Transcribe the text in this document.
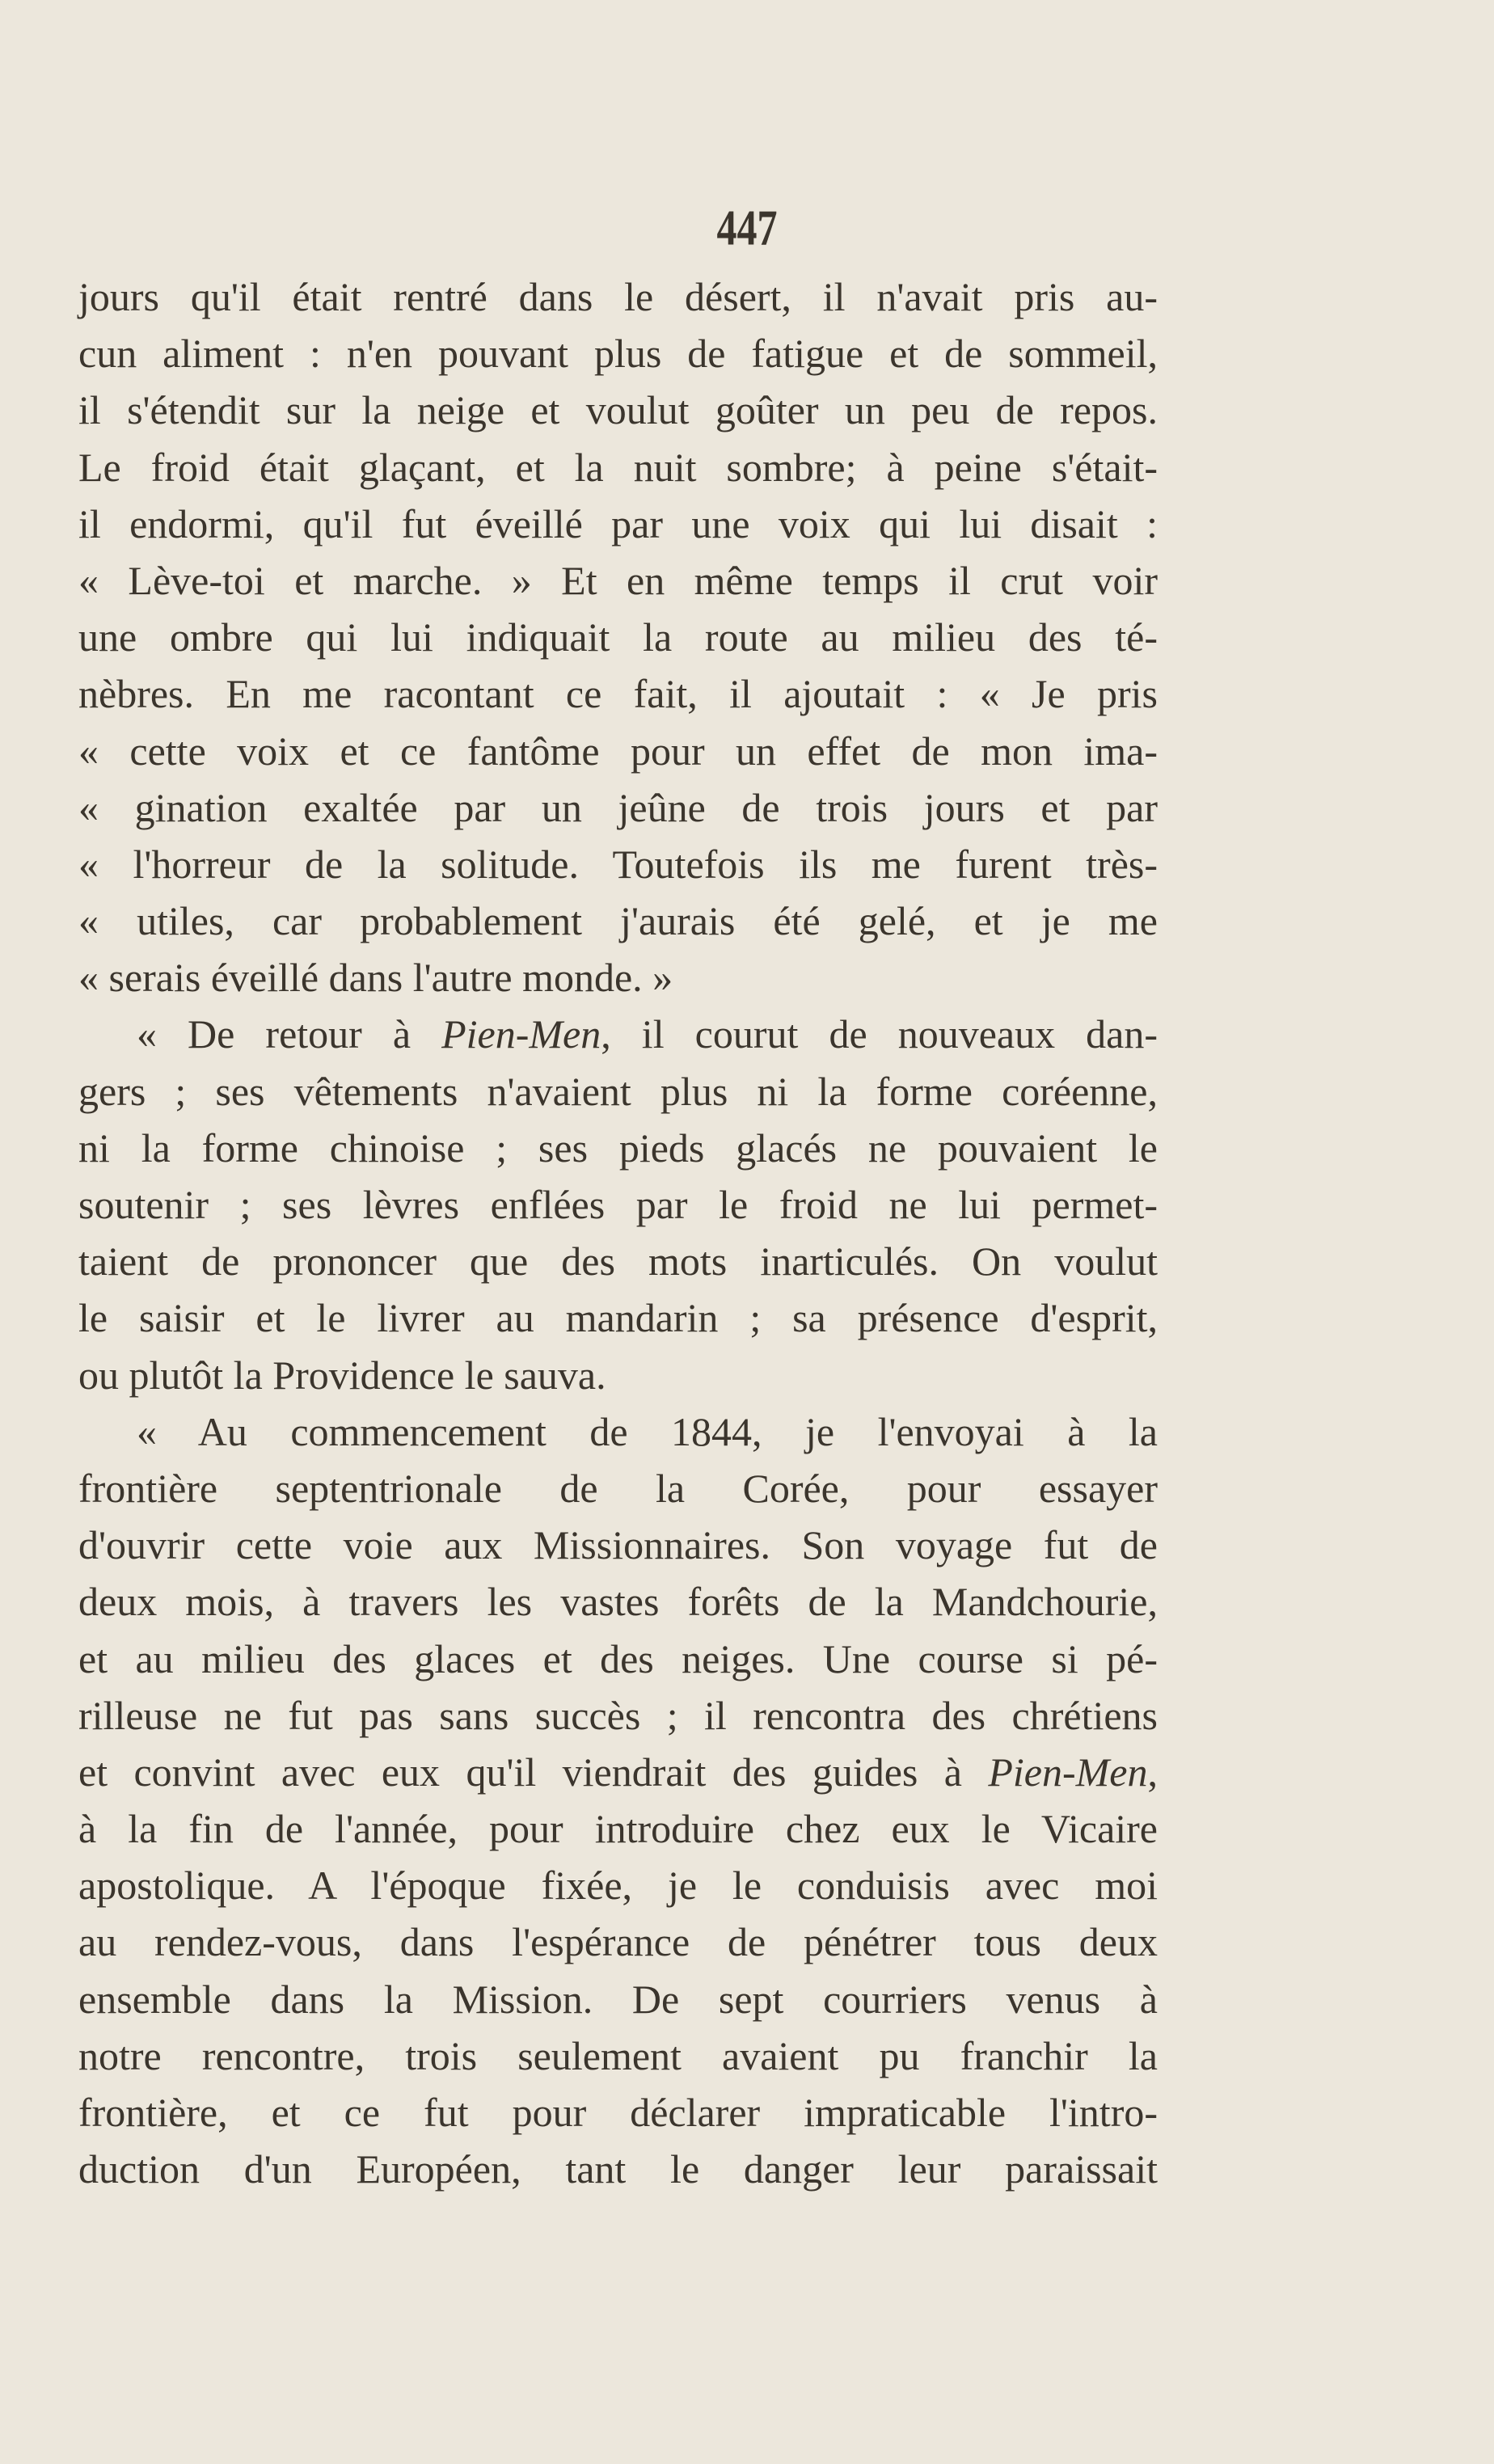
447
jours qu'il était rentré dans le désert, il n'avait pris au-
cun aliment : n'en pouvant plus de fatigue et de sommeil,
il s'étendit sur la neige et voulut goûter un peu de repos.
Le froid était glaçant, et la nuit sombre; à peine s'était-
il endormi, qu'il fut éveillé par une voix qui lui disait :
« Lève-toi et marche. » Et en même temps il crut voir
une ombre qui lui indiquait la route au milieu des té-
nèbres. En me racontant ce fait, il ajoutait : « Je pris
« cette voix et ce fantôme pour un effet de mon ima-
« gination exaltée par un jeûne de trois jours et par
« l'horreur de la solitude. Toutefois ils me furent très-
« utiles, car probablement j'aurais été gelé, et je me
« serais éveillé dans l'autre monde. »
« De retour à Pien-Men, il courut de nouveaux dan-
gers ; ses vêtements n'avaient plus ni la forme coréenne,
ni la forme chinoise ; ses pieds glacés ne pouvaient le
soutenir ; ses lèvres enflées par le froid ne lui permet-
taient de prononcer que des mots inarticulés. On voulut
le saisir et le livrer au mandarin ; sa présence d'esprit,
ou plutôt la Providence le sauva.
« Au commencement de 1844, je l'envoyai à la
frontière septentrionale de la Corée, pour essayer
d'ouvrir cette voie aux Missionnaires. Son voyage fut de
deux mois, à travers les vastes forêts de la Mandchourie,
et au milieu des glaces et des neiges. Une course si pé-
rilleuse ne fut pas sans succès ; il rencontra des chrétiens
et convint avec eux qu'il viendrait des guides à Pien-Men,
à la fin de l'année, pour introduire chez eux le Vicaire
apostolique. A l'époque fixée, je le conduisis avec moi
au rendez-vous, dans l'espérance de pénétrer tous deux
ensemble dans la Mission. De sept courriers venus à
notre rencontre, trois seulement avaient pu franchir la
frontière, et ce fut pour déclarer impraticable l'intro-
duction d'un Européen, tant le danger leur paraissait
